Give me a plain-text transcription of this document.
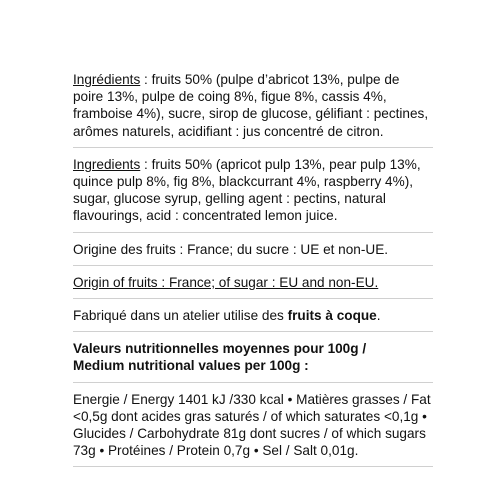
Ingrédients : fruits 50% (pulpe d’abricot 13%, pulpe de poire 13%, pulpe de coing 8%, figue 8%, cassis 4%, framboise 4%), sucre, sirop de glucose, gélifiant : pectines, arômes naturels, acidifiant : jus concentré de citron.

Ingredients : fruits 50% (apricot pulp 13%, pear pulp 13%, quince pulp 8%, fig 8%, blackcurrant 4%, raspberry 4%), sugar, glucose syrup, gelling agent : pectins, natural flavourings, acid : concentrated lemon juice.

Origine des fruits : France; du sucre : UE et non-UE.

Origin of fruits : France; of sugar : EU and non-EU.

Fabriqué dans un atelier utilise des fruits à coque.

Valeurs nutritionnelles moyennes pour 100g /

Medium nutritional values per 100g :

Energie / Energy 1401 kJ /330 kcal • Matières grasses / Fat <0,5g dont acides gras saturés / of which saturates <0,1g • Glucides / Carbohydrate 81g dont sucres / of which sugars 73g • Protéines / Protein 0,7g • Sel / Salt 0,01g.
